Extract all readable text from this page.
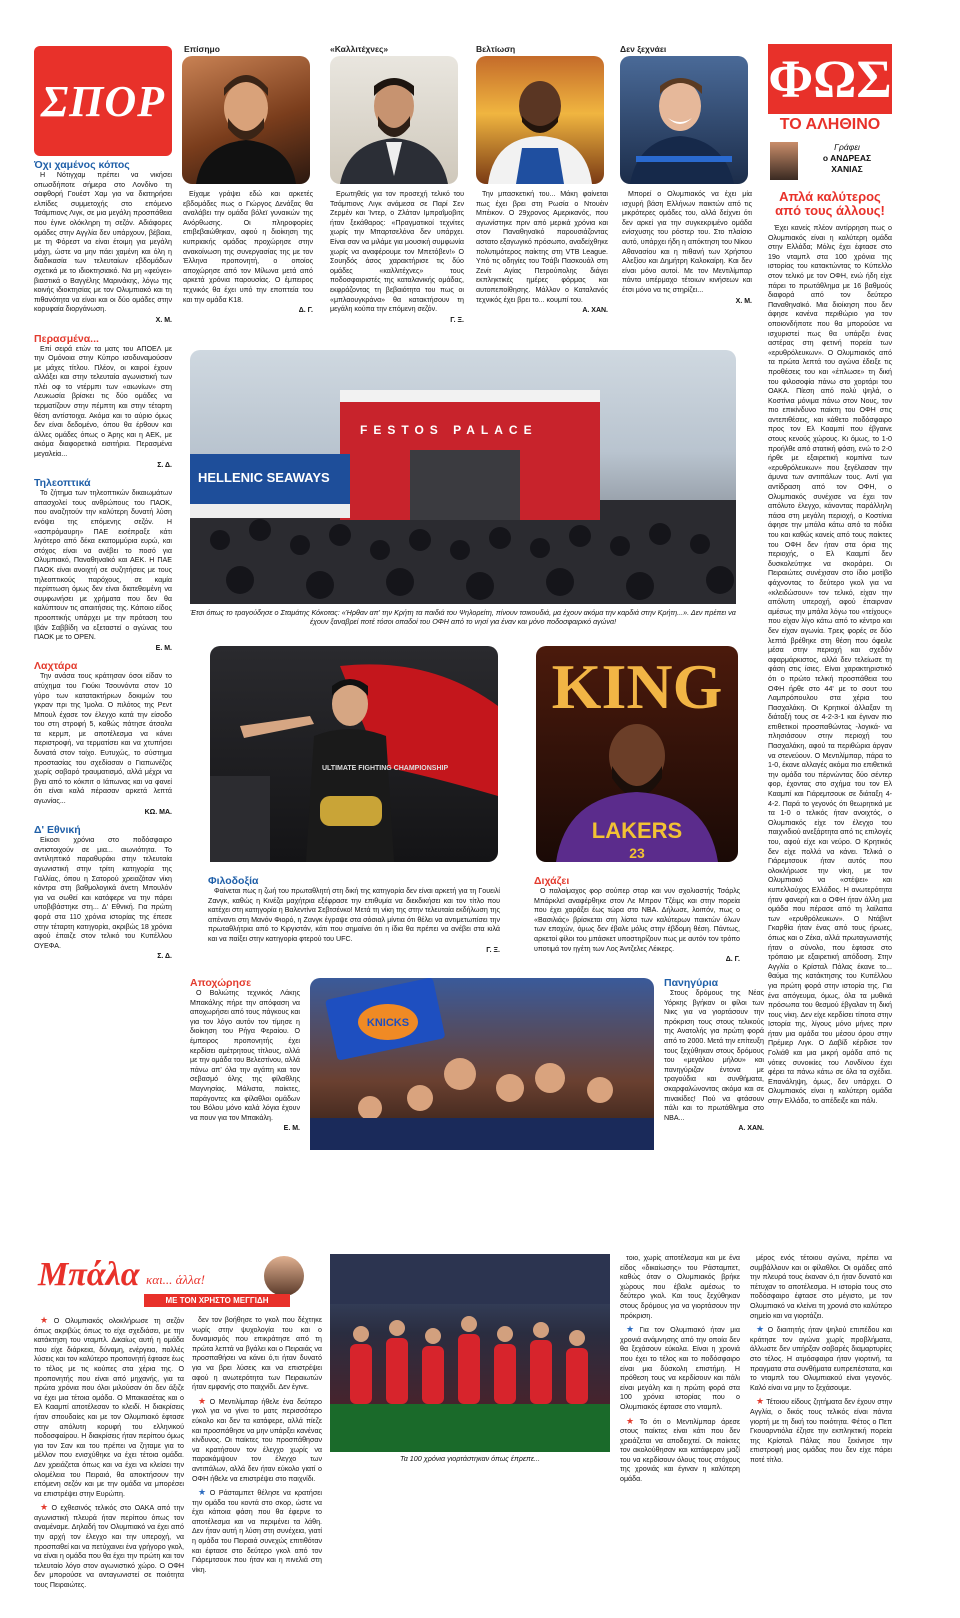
ΣΠΟΡ
Όχι χαμένος κόπος

Η Νότιγχαμ πρέπει να νικήσει οπωσδήποτε σήμερα στο Λονδίνο τη σαφθορή Γουέστ Χαμ για να διατηρήσει ελπίδες συμμετοχής στο επόμενο Τσάμπιονς Λιγκ, σε μια μεγάλη προσπάθεια που έγινε ολόκληρη τη σεζόν. Αδιάφορες ομάδες στην Αγγλία δεν υπάρχουν, βέβαια, με τη Φόρεστ να είναι έτοιμη για μεγάλη μάχη, ώστε να μην πάει χαμένη και όλη η διαδικασία των τελευταίων εβδομάδων σχετικά με το ιδιοκτησιακό. Να μη «φεύγει» βιαστικά ο Βαγγέλης Μαρινάκης, λόγω της κοινής ιδιοκτησίας με τον Ολυμπιακό και τη πιθανότητα να είναι και οι δύο ομάδες στην κορυφαία διοργάνωση.

Χ. Μ.
Περασμένα...

Επί σειρά ετών τα ματς του ΑΠΟΕΛ με την Ομόνοια στην Κύπρο ισοδυναμούσαν με μάχες τίτλου. Πλέον, οι καιροί έχουν αλλάξει και στην τελευταία αγωνιστική των πλέι οφ το ντέρμπι των «αιωνίων» στη Λευκωσία βρίσκει τις δύο ομάδες να τερματίζουν στην πέμπτη και στην τέταρτη θέση αντίστοιχα. Ακόμα και το αύριο όμως δεν είναι δεδομένο, όπου θα έρθουν και άλλες ομάδες όπως ο Άρης και η ΑΕΚ, με ακόμα διαφορετικά εισιτήρια. Περασμένα μεγαλεία...

Σ. Δ.
Τηλεοπτικά

Το ζήτημα των τηλεοπτικών δικαιωμάτων απασχολεί τους ανθρώπους του ΠΑΟΚ, που αναζητούν την καλύτερη δυνατή λύση ενόψει της επόμενης σεζόν. Η «ασπρόμαυρη» ΠΑΕ εισέπραξε κάτι λιγότερο από δέκα εκατομμύρια ευρώ, και στόχος είναι να ανέβει το ποσό για Ολυμπιακό, Παναθηναϊκό και ΑΕΚ. Η ΠΑΕ ΠΑΟΚ είναι ανοιχτή σε συζητήσεις με τους τηλεοπτικούς παρόχους, σε καμία περίπτωση όμως δεν είναι διατεθειμένη να συμφωνήσει με χρήματα που δεν θα καλύπτουν τις απαιτήσεις της. Κάποιο είδος προοπτικής υπάρχει με την πρόταση του Ιβάν Σαββίδη να εξεταστεί ο αγώνας του ΠΑΟΚ με το OPEN.

Ε. Μ.
Λαχτάρα

Την ανάσα τους κράτησαν όσοι είδαν το ατύχημα του Γιούκι Τσουνόντα στον 10 γύρο των κατατακτήριων δοκιμών του γκραν πρι της Ίμολα. Ο πιλότος της Ρεντ Μπουλ έχασε τον έλεγχο κατά την είσοδο του στη στροφή 5, καθώς πάτησε άτσαλα τα κερμπ, με αποτέλεσμα να κάνει περιστροφή, να τερματίσει και να χτυπήσει δυνατά στον τοίχο. Ευτυχώς, το σύστημα προστασίας του σχεδίασαν ο Γιαπωνέζος χωρίς σοβαρό τραυματισμό, αλλά μέχρι να βγει από το κόκπιτ ο Ιάπωνας και να φανεί ότι είναι καλά πέρασαν αρκετά λεπτά αγωνίας...

ΚΩ. ΜΑ.
Δ' Εθνική

Είκοσι χρόνια στο ποδόσφαιρο αντιστοιχούν σε μια... αιωνιότητα. Το αντιληπτικό παραθυράκι στην τελευταία αγωνιστική στην τρίτη κατηγορία της Γαλλίας, όπου η Σατορού χρειαζόταν νίκη κόντρα στη βαθμολογικά άνετη Μπουλόν για να σωθεί και κατάφερε να την πάρει υποβιβάστηκε στη... Δ' Εθνική. Για πρώτη φορά στα 110 χρόνια ιστορίας της έπεσε στην τέταρτη κατηγορία, ακριβώς 18 χρόνια αφού έπαιζε στον τελικό του Κυπέλλου ΟΥΕΦΑ.

Σ. Δ.
Επίσημο	«Καλλιτέχνες»	Βελτίωση	Δεν ξεχνάει

Είχαμε γράψει εδώ και αρκετές εβδομάδες πως ο Γιώργος Δενάξας θα αναλάβει την ομάδα βόλεϊ γυναικών της Ανόρθωσης. Οι πληροφορίες επιβεβαιώθηκαν, αφού η διοίκηση της κυπριακής ομάδας προχώρησε στην ανακοίνωση της συνεργασίας της με τον Έλληνα προπονητή, ο οποίος αποχώρησε από τον Μίλωνα μετά από αρκετά χρόνια παρουσίας. Ο έμπειρος τεχνικός θα έχει υπό την εποπτεία του και την ομάδα Κ18.

Δ. Γ.

Ερωτηθείς για τον προσεχή τελικό του Τσάμπιονς Λιγκ ανάμεσα σε Παρί Σεν Ζερμέν και Ίντερ, ο Ζλάταν Ιμπραΐμοβιτς ήταν ξεκάθαρος: «Πραγματικοί τεχνίτες χωρίς την Μπαρτσελόνα δεν υπάρχει. Είναι σαν να μιλάμε για μουσική συμφωνία χωρίς να αναφέρουμε τον Μπετόβεν!» Ο Σουηδός άσος χαρακτήρισε τις δύο ομάδες «καλλιτέχνες» τους ποδοσφαιριστές της καταλανικής ομάδας, εκφράζοντας τη βεβαιότητα του πως οι «μπλαουγκράνα» θα κατακτήσουν τη μεγάλη κούπα την επόμενη σεζόν.

Γ. Ξ.

Την μπασκετική του... Μάκη φαίνεται πως έχει βρει στη Ρωσία ο Ντουέιν Μπέικον. Ο 29χρονος Αμερικανός, που αγωνίστηκε πριν από μερικά χρόνια και στον Παναθηναϊκό παρουσιάζοντας αστατο εξαγωγικό πρόσωπο, αναδείχθηκε πολυτιμότερος παίκτης στη VTB League. Υπό τις οδηγίες του Τσάβι Πασκουάλ στη Ζενίτ Αγίας Πετρούπολης διάγει εκπληκτικές ημέρες φόρμας και αυτοπεποίθησης. Μάλλον ο Καταλανός τεχνικός έχει βρει το... κουμπί του.

Α. ΧΑΝ.

Μπορεί ο Ολυμπιακός να έχει μία ισχυρή βάση Ελλήνων παικτών από τις μικρότερες ομάδες του, αλλά δείχνει ότι δεν αρκεί για την συγκεκριμένο ομάδα ενίσχυσης του ρόστερ του. Στο πλαίσιο αυτό, υπάρχει ήδη η απόκτηση του Νίκου Αθανασίου και η πιθανή των Χρήστου Αλεξίου και Δημήτρη Καλοκαίρη. Και δεν είναι μόνο αυτοί. Με τον Μεντιλίμπαρ πάντα υπέρμαχο τέτοιων κινήσεων και έτσι μόνο να τις στηρίζει...

Χ. Μ.
ΦΩΣ
ΤΟ ΑΛΗΘΙΝΟ
Γράφει
ο ΑΝΔΡΕΑΣ
ΧΑΝΙΑΣ
Απλά καλύτερος από τους άλλους!

Έχει κανείς πλέον αντίρρηση πως ο Ολυμπιακός είναι η καλύτερη ομάδα στην Ελλάδα; Μόλις έχει έφτασε στο 19ο νταμπλ στα 100 χρόνια της ιστορίας του κατακτώντας το Κύπελλο στον τελικό με τον ΟΦΗ, ενώ ήδη είχε πάρει το πρωτάθλημα με 16 βαθμούς διαφορά από τον δεύτερο Παναθηναϊκό. Μια διοίκηση που δεν άφησε κανένα περιθώριο για τον οποιονδήποτε που θα μπορούσε να ισχυριστεί πως θα υπάρξει ένας αστέρας στη φετινή πορεία των «ερυθρόλευκων». Ο Ολυμπιακός από τα πρώτα λεπτά του αγώνα έδειξε τις προθέσεις του και «έπλωσε» τη δική του φιλοσοφία πάνω στο χορτάρι του ΟΑΚΑ. Πίεση από πολύ ψηλά, ο Κοστίνια μόνιμα πάνω στον Νους, τον πιο επικίνδυνο παίκτη του ΟΦΗ στις αντεπιθέσεις, και κάθετο ποδόσφαιρο προς τον Ελ Κααμπί που έβγαινε στους κενούς χώρους. Κι όμως, το 1-0 προήλθε από στατική φάση, ενώ το 2-0 ήρθε με εξαιρετική κομπίνα των «ερυθρόλευκων» που ξεγέλασαν την άμυνα των αντιπάλων τους. Αντί για αντίδραση από τον ΟΦΗ, ο Ολυμπιακός συνέχισε να έχει τον απόλυτο έλεγχο, κάνοντας παράλληλη πάσα στη μεγάλη περιοχή, ο Κοστίνια άφησε την μπάλα κάτω από τα πόδια του και καθώς κανείς από τους παίκτες του ΟΦΗ δεν ήταν στα όρια της περιοχής, ο Ελ Κααμπί δεν δυσκολεύτηκε να σκοράρει. Οι Πειραιώτες συνέχισαν στο ίδιο μοτίβο φάχνοντας το δεύτερο γκολ για να «κλειδώσουν» τον τελικό, είχαν την απόλυτη υπεροχή, αφού έπαιρναν αμέσως την μπάλα λόγω του «τείχους» που είχαν λίγο κάτω από το κέντρο και δεν είχαν αγωνία. Τρεις φορές σε δύο λεπτά βρέθηκε στη θέση που όφειλε μέσα στην περιοχή και σχεδόν αφαρμάρκιστος, αλλά δεν τελείωσε τη φάση στις ίσιες. Είναι χαρακτηριστικό ότι ο πρώτο τελική προσπάθεια του ΟΦΗ ήρθε στο 44' με το σουτ του Λαμπρόπουλου στα χέρια του Πασχαλάκη. Οι Κρητικοί άλλαξαν τη διάταξή τους σε 4-2-3-1 και έγιναν πιο επιθετικοί προσπαθώντας -λογικά- να πλησιάσουν στην περιοχή του Πασχαλάκη, αφού τα περιθώρια άργαν να στενεύουν. Ο Μεντιλίμπαρ, πάρα το 1-0, έκανε αλλαγές ακόμα πιο επιθετικά την ομάδα του πέρνώντας δύο σέντερ φορ, έχοντας στο σχήμα του τον Ελ Κααμπί και Γιάρεμτσουκ σε διάταξη 4-4-2. Παρά το γεγονός ότι θεωρητικά με τα 1-0 ο τελικός ήταν ανοιχτός, ο Ολυμπιακός είχε τον έλεγχο του παιχνιδιού ανεξάρτητα από τις επιλογές του, αφού είχε και νεύρο. Ο Κρητικός δεν είχε πολλά να κάνει. Τελικά ο Γιάρεμτσουκ ήταν αυτός που ολοκλήρωσε την νίκη, με τον Ολυμπιακό να «στέψει» και κυπελλούχος Ελλάδος. Η ανωτερότητα ήταν φανερή και ο ΟΦΗ ήταν άλλη μια ομάδα που πέρασε από τη λαίλαπα των «ερυθρόλευκων». Ο Ντάβιντ Γκαρθία ήταν ένας από τους ήρωες, όπως και ο Ζέκα, αλλά πρωταγωνιστής ήταν ο σύνολο, που έφτασε στο τρόπαιο με εξαιρετική απόδοση. Στην Αγγλία ο Κρίσταλ Πάλας έκανε το... θαύμα της κατάκτησης του Κυπέλλου για πρώτη φορά στην ιστορία της. Για ένα απόγευμα, όμως, όλα τα μυθικά πρόσωπα του θεσμού έβγαλαν τη δική τους νίκη. Δεν είχε κερδίσει τίποτα στην Ιστορία της, λίγους μόνο μήνες πριν ήταν μια ομάδα του μέσου όρου στην Πρέμιερ Λιγκ. Ο Δαβίδ κέρδισε τον Γολιάθ και μια μικρή ομάδα από τις νότιες συνοικίες του Λονδίνου έχει φέρει τα πάνω κάτω σε όλα τα σχέδια. Επανάληψη, όμως, δεν υπάρχει. Ο Ολυμπιακός είναι η καλύτερη ομάδα στην Ελλάδα, το απέδειξε και πάλι.

HELLENIC SEAWAYS
FESTOS PALACE
Έτσι όπως το τραγούδησε ο Σταμάτης Κόκοτας: «Ήρθαν απ' την Κρήτη τα παιδιά του Ψηλορείτη, πίνουν τσικουδιά, μα έχουν ακόμα την καρδιά στην Κρήτη...». Δεν πρέπει να έχουν ξαναβρεί ποτέ τόσοι οπαδοί του ΟΦΗ από το νησί για έναν και μόνο ποδοσφαιρικό αγώνα!
ULTIMATE FIGHTING CHAMPIONSHIP
Φιλοδοξία

Φαίνεται πως η ζωή του πρωταθλητή στη δική της κατηγορία δεν είναι αρκετή για τη Γουειλί Ζανγκ, καθώς η Κινέζα μαχήτρια εξέφρασε την επιθυμία να διεκδικήσει και τον τίτλο που κατέχει στη κατηγορία η Βαλεντίνα Σεβτσένκο! Μετά τη νίκη της στην τελευταία εκδήλωση της απέναντι στη Μανόν Φιορό, η Ζανγκ έγραψε στα σόσιαλ μίντια ότι θέλει να αντιμετωπίσει την πρωταθλήτρια από το Κιργιστάν, κάτι που σημαίνει ότι η ίδια θα πρέπει να ανέβει στα κιλά και να παίξει στην κατηγορία φτερού του UFC.

Γ. Ξ.
KING
LAKERS
23
Διχάζει

Ο παλαίμαχος φορ σούπερ σταρ και νυν σχολιαστής Τσάρλς Μπάρκλεϊ αναφέρθηκε στον Λε Μπρον Τζέιμς και στην πορεία που έχει χαράξει έως τώρα στο NBA. Δήλωσε, λοιπόν, πως ο «Βασιλιάς» βρίσκεται στη λίστα των καλύτερων παικτών όλων των εποχών, όμως δεν έβαλε μόλις στην έβδομη θέση. Πάντως, αρκετοί φίλοι του μπάσκετ υποστηρίζουν πως με αυτόν τον τρόπο υποτιμά τον ηγέτη των Λος Άντζελες Λέικερς.

Δ. Γ.
Αποχώρησε

Ο Βολιώτης τεχνικός Λάκης Μπακάλης πήρε την απόφαση να αποχωρήσει από τους πάγκους και για τον λόγο αυτόν τον τίμησε η διοίκηση του Ρήγα Φεραίου. Ο έμπειρος προπονητής έχει κερδίσει αμέτρητους τίτλους, αλλά με την ομάδα του Βελεστίνου, αλλά πάνω απ' όλα την αγάπη και τον σεβασμό όλης της φίλαθλης Μαγνησίας. Μάλιστα, παίκτες, παράγοντες και φίλαθλοι ομάδων του Βόλου μόνο καλά λόγια έχουν να πουν για τον Μπακάλη.

Ε. Μ.
KNICKS
Πανηγύρια

Στους δρόμους της Νέας Υόρκης βγήκαν οι φίλοι των Νικς για να γιορτάσουν την πρόκριση τους στους τελικούς της Ανατολής για πρώτη φορά από το 2000. Μετά την επίτευξη τους ξεχύθηκαν στους δρόμους του «μεγάλου μήλου» και πανηγύριζαν έντονα με τραγούδια και συνθήματα, σκαρφαλώνοντας ακόμα και σε πινακίδες! Πού να φτάσουν πάλι και το πρωτάθλημα στο NBA...

Α. ΧΑΝ.
Μπάλα και... άλλα!
ΜΕ ΤΟΝ ΧΡΗΣΤΟ ΜΕΓΓΙΔΗ
Τα 100 χρόνια γιορτάστηκαν όπως έπρεπε...

★ Ο Ολυμπιακός ολοκλήρωσε τη σεζόν όπως ακριβώς όπως το είχε σχεδιάσει, με την κατάκτηση του νταμπλ. Δικαίως αυτή η ομάδα που είχε διάρκεια, δύναμη, ενέργεια, πολλές λύσεις και τον καλύτερο προπονητή έφτασε έως το τέλος με τις κούπες στα χέρια της. Ο προπονητής που είναι από μηχανής, για τα πρώτα χρόνια που όλοι μιλούσαν ότι δεν άξιζε να έχει μια τέτοια ομάδα. Ο Μπακασέτας και ο Ελ Κααμπί αποτέλεσαν το κλειδί. Η διακρίσεις ήταν σπουδαίες και με τον Ολυμπιακό έφτασε στην απόλυτη κορυφή του ελληνικού ποδοσφαίρου. Η διακρίσεις ήταν περίπου όμως για τον Σαν και του πρέπει να ζηταμε για το μέλλον που ενισχύθηκε να έχει τέτοια ομάδα. Δεν χρειάζεται όπως και να έχει να κλείσει την ολομέλεια του Πειραιά, θα αποκτήσουν την επόμενη σεζόν και με την ομάδα να μπορέσει να επιστρέψει στην Ευρώπη.

★ Ο εχθεσινός τελικός στο ΟΑΚΑ από την αγωνιστική πλευρά ήταν περίπου όπως τον αναμέναμε. Δηλαδή τον Ολυμπιακό να έχει από την αρχή τον έλεγχο και την υπεροχή, να προσπαθεί και να πετύχαινει ένα γρήγορο γκολ, να είναι η ομάδα που θα έχει την πρώτη και τον τελευταίο λόγο στον αγωνιστικό χώρο. Ο ΟΦΗ δεν μπορούσε να ανταγωνιστεί σε ποιότητα τους Πειραιώτες.

δεν τον βοήθησε το γκολ που δέχτηκε νωρίς στην ψυχολογία του και ο δυναμισμός που επικράτησε από τη πρώτα λεπτά να βγάλει και ο Πειραιάς να προσπαθήσει να κάνει ό,τι ήταν δυνατό για να βρει λύσεις και να επιστρέψει αφού η ανωτερότητα των Πειραιωτών ήταν εμφανής στο παιχνίδι. Δεν έγινε.

★ Ο Μεντιλίμπαρ ήθελε ένα δεύτερο γκολ για να γίνει το ματς περισσότερο εύκολο και δεν τα κατάφερε, αλλά πίεζε και προσπάθησε να μην υπάρξει κανένας κίνδυνος. Οι παίκτες του προσπάθησαν να κρατήσουν τον έλεγχο χωρίς να παρακάμψουν τον έλεγχο των αντιπάλων, αλλά δεν ήταν εύκολο γιατί ο ΟΦΗ ήθελε να επιστρέψει στο παιχνίδι.

★ Ο Ράσταμπετ θέλησε να κρατήσει την ομάδα του κοντά στο σκορ, ώστε να έχει κάποια φάση που θα έφερνε το αποτέλεσμα και να περιμένει τα λάθη. Δεν ήταν αυτή η λύση στη συνέχεια, γιατί η ομάδα του Πειραιά συνεχώς επιτιθόταν και έφτασε στο δεύτερο γκολ από τον Γιάρεμτσουκ που ήταν και η πινελιά στη νίκη.

τοιο, χωρίς αποτέλεσμα και με ένα είδος «δικαίωσης» του Ράσταμπετ, καθώς όταν ο Ολυμπιακός βρήκε χώρους που έβαλε αμέσως το δεύτερο γκολ. Και τους ξεχύθηκαν στους δρόμους για να γιορτάσουν την πρόκριση.

★ Για τον Ολυμπιακό ήταν μια χρονιά ανάμνησης από την οποία δεν θα ξεχάσουν εύκολα. Είναι η χρονιά που έχει το τέλος και το ποδόσφαιρο είναι μια δύσκολη επιστήμη. Η πρόθεση τους να κερδίσουν και πάλι είναι μεγάλη και η πρώτη φορά στα 100 χρόνια ιστορίας που ο Ολυμπιακός έφτασε στο νταμπλ.

★ Το ότι ο Μεντιλίμπαρ άρεσε στους παίκτες είναι κάτι που δεν χρειάζεται να αποδειχτεί. Οι παίκτες τον ακολούθησαν και κατάφεραν μαζί του να κερδίσουν όλους τους στόχους της χρονιάς και έγιναν η καλύτερη ομάδα.

μέρος ενός τέτοιου αγώνα, πρέπει να συμβάλλουν και οι φίλαθλοι. Οι ομάδες από την πλευρά τους έκαναν ό,τι ήταν δυνατό και πέτυχαν το αποτέλεσμα. Η ιστορία τους στο ποδόσφαιρο έφτασε στο μέγιστο, με τον Ολυμπιακό να κλείνει τη χρονιά στο καλύτερο σημείο και να γιορτάζει.

★ Ο διαιτητής ήταν ψηλού επιπέδου και κράτησε τον αγώνα χωρίς προβλήματα, άλλωστε δεν υπήρξαν σοβαρές διαμαρτυρίες στο τέλος. Η ατμόσφαιρα ήταν γιορτινή, τα πραγματα στα συνθήματα ευπρεπέστατα, και το νταμπλ του Ολυμπιακού είναι γεγονός. Καλό είναι να μην το ξεχάσουμε.

★ Τέτοιου είδους ζητήματα δεν έχουν στην Αγγλία, ο δικός τους τελικός είναι πάντα γιορτή με τη δική του ποιότητα. Φέτος ο Πεπ Γκουαρντιόλα έζησε την εκπληκτική πορεία της Κρίσταλ Πάλας που ξεκίνησε την επιστροφή μιας ομάδας που δεν είχε πάρει ποτέ τίτλο.
